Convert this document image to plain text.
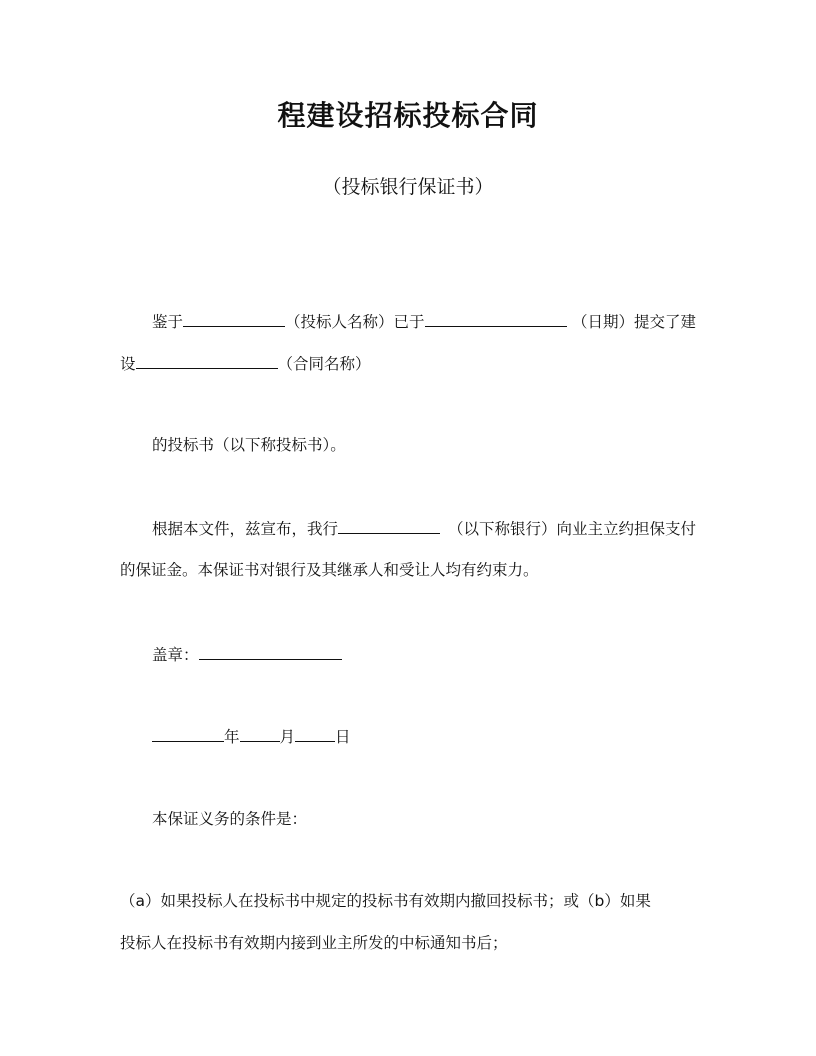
程建设招标投标合同
（投标银行保证书）
鉴于	（投标人名称）已于	（日期）提交了建
设	（合同名称）
的投标书（以下称投标书）。
根据本文件，兹宣布，我行	（以下称银行）向业主立约担保支付
的保证金。本保证书对银行及其继承人和受让人均有约束力。
盖章：
年	月	日
本保证义务的条件是：
（a）如果投标人在投标书中规定的投标书有效期内撤回投标书；或（b）如果
投标人在投标书有效期内接到业主所发的中标通知书后；
